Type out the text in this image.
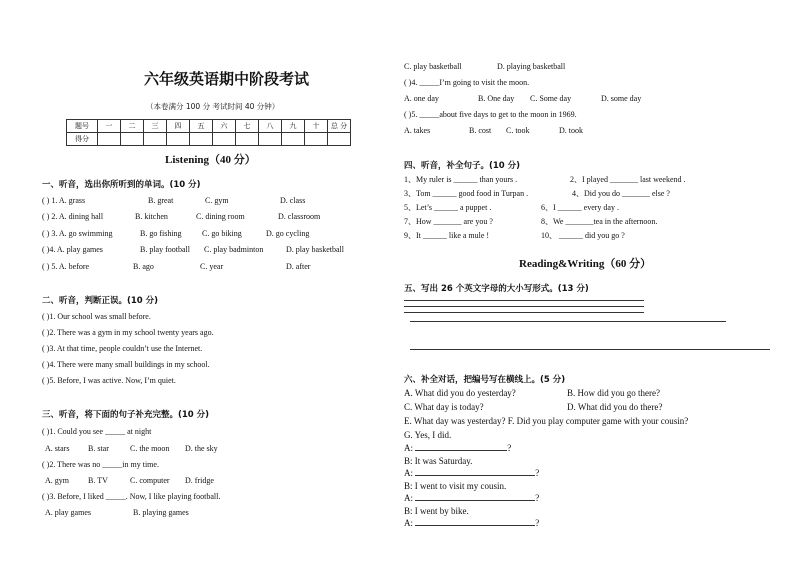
六年级英语期中阶段考试
（本卷满分 100 分 考试时间 40 分钟）
题号	一	二	三	四	五	六	七	八	九	十	总 分
得分											
Listening（40 分）
一、听音，选出你所听到的单词。(10 分)
( ) 1. A. grass	B. great	C. gym	D. class
( ) 2. A. dining hall	B. kitchen	C. dining room	D. classroom
( ) 3. A. go swimming	B. go fishing	C. go biking	D. go cycling
( )4. A. play games	B. play football C. play badminton	D. play basketball
( ) 5. A. before	B. ago	C. year	D. after
二、听音，判断正误。(10 分)
( )1. Our school was small before.
( )2. There was a gym in my school twenty years ago.
( )3. At that time, people couldn’t use the Internet.
( )4. There were many small buildings in my school.
( )5. Before, I was active. Now, I’m quiet.
三、听音，将下面的句子补充完整。(10 分)
( )1. Could you see _____ at night
A. stars B. star	C. the moon D. the sky
( )2. There was no _____in my time.
A. gym B. TV	C. computer D. fridge
( )3. Before, I liked _____. Now, I like playing football.
A. play games	B. playing games
C. play basketball	D. playing basketball
( )4. _____I’m going to visit the moon.
A. one day	B. One day C. Some day	D. some day
( )5. _____about five days to get to the moon in 1969.
A. takes	B. cost C. took	D. took
四、听音，补全句子。(10 分)
1、My ruler is ______ than yours .	2、I played _______ last weekend .
3、Tom ______ good food in Turpan .	4、Did you do _______ else ?
5、Let’s ______ a puppet .	6、I ______ every day .
7、How _______ are you ?	8、We _______tea in the afternoon.
9、It ______ like a mule !	10、 ______ did you go ?
Reading&Writing（60 分）
五、写出 26 个英文字母的大小写形式。(13 分)
六、补全对话，把编号写在横线上。(5 分)
A. What did you do yesterday?	B. How did you go there?
C. What day is today?	D. What did you do there?
E. What day was yesterday? F. Did you play computer game with your cousin?
G. Yes, I did.
A:	?
B: It was Saturday.
A:	?
B: I went to visit my cousin.
A:	?
B: I went by bike.
A:	?
